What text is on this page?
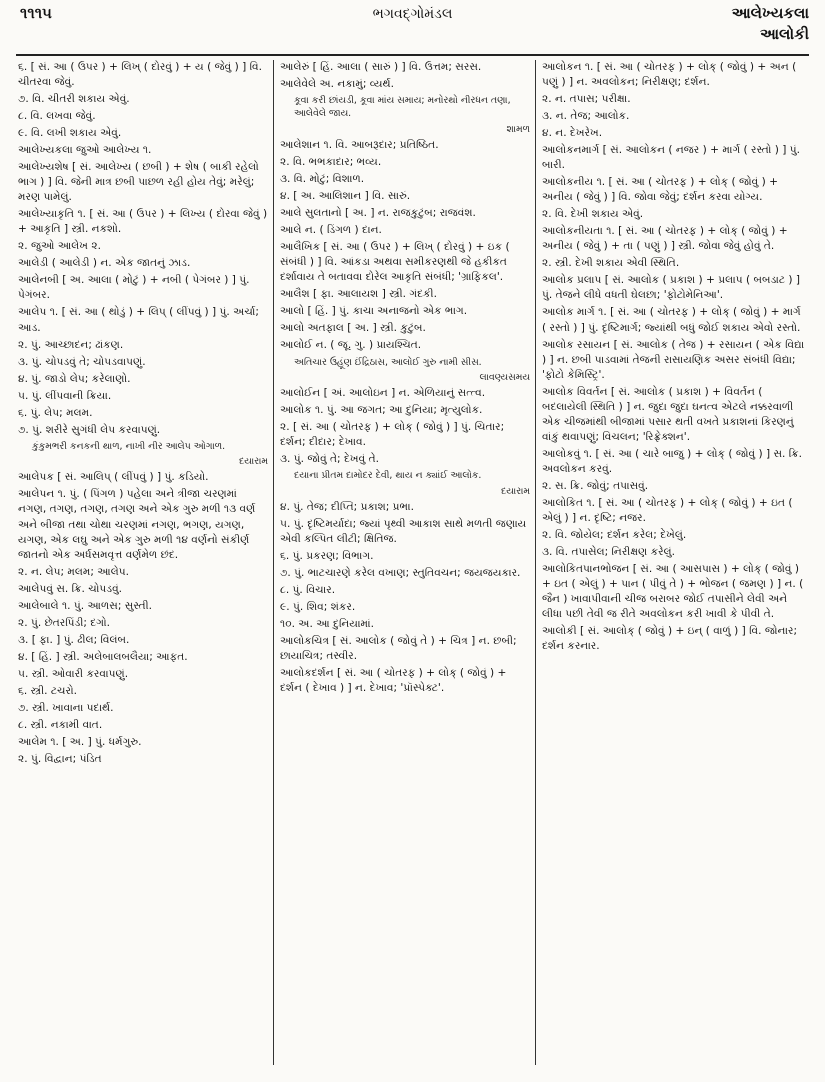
૧૧૧૫	ભગવદ્ગોમંડલ	આલેખ્યકલા
આલોકી
૬. [ સં. આ ( ઉપર ) + લિખ્ ( દોરવું ) + ય ( જેવું ) ] વિ. ચીતરવા જેવું.
૭. વિ. ચીતરી શકાય એવું.
૮. વિ. લખવા જેવું.
૯. વિ. લખી શકાય એવું.
આલેખ્યકલા જુઓ આલેખ્ય ૧.
આલેખ્યશેષ [ સં. આલેખ્ય ( છબી ) + શેષ ( બાકી રહેલો ભાગ ) ] વિ. જેની માત્ર છબી પાછળ રહી હોય તેવું; મરેલું; મરણ પામેલું.
આલેખ્યાકૃતિ ૧. [ સં. આ ( ઉપર ) + લિખ્ય ( દોરવા જેવું ) + આકૃતિ ] સ્ત્રી. નકશો.
૨. જુઓ આલેખ ૨.
આલેડી ( આલેડી ) ન. એક જાતનું ઝાડ.
આલેનબી [ અ. આલા ( મોટું ) + નબી ( પેગંબર ) ] પું. પેગંબર.
આલેપ ૧. [ સં. આ ( થોડું ) + લિપ્ ( લીંપવું ) ] પું. અર્ચા; આડ.
૨. પું. આચ્છાદન; ઢાંકણ.
૩. પું. ચોપડવું તે; ચોપડવાપણું.
૪. પું. જાડો લેપ; કરેલાણો.
૫. પું. લીંપવાની ક્રિયા.
૬. પું. લેપ; મલમ.
૭. પું. શરીરે સુગંધી લેપ કરવાપણું.
કુંકુમભરી કનકની થાળ, નાખી નીર આલેપ ઓગાળ.
દયારામ
આલેપક [ સં. આલિપ્ ( લીંપવું ) ] પું. કડિયો.
આલેપન ૧. પું. ( પિંગળ ) પહેલા અને ત્રીજા ચરણમાં નગણ, તગણ, તગણ, તગણ અને એક ગુરુ મળી ૧૩ વર્ણ અને બીજા તથા ચોથા ચરણમાં નગણ, ભગણ, યગણ, યગણ, એક લઘુ અને એક ગુરુ મળી ૧૪ વર્ણનો સંકીર્ણ જાતનો એક અર્ધસમવૃત્ત વર્ણમેળ છંદ.
૨. ન. લેપ; મલમ; આલેપ.
આલેપવું સ. ક્રિ. ચોપડવું.
આલેબાલે ૧. પું. આળસ; સુસ્તી.
૨. પું. છેતરપિંડી; દગો.
૩. [ ફા. ] પું. ઢીલ; વિલંબ.
૪. [ હિં. ] સ્ત્રી. અલેબાલબલૈયા; આફત.
૫. સ્ત્રી. ઓવારી કરવાપણું.
૬. સ્ત્રી. ટચરો.
૭. સ્ત્રી. ખાવાના પદાર્થ.
૮. સ્ત્રી. નકામી વાત.
આલેમ ૧. [ અ. ] પું. ધર્મગુરુ.
૨. પું. વિદ્વાન; પંડિત
આલેરું [ હિં. આલા ( સારું ) ] વિ. ઉત્તમ; સરસ.
આલેવેલે અ. નકામું; વ્યર્થ.
કૂવા કરી છાંયડી, કૂવા માંય સમાય; મનોરથો નીરધન તણા, આલેવેલે જાય.
શામળ
આલેશાન ૧. વિ. આબરૂદાર; પ્રતિષ્ઠિત.
૨. વિ. ભભકાદાર; ભવ્ય.
૩. વિ. મોટું; વિશાળ.
૪. [ અ. આલિશાન ] વિ. સારું.
આલે સુલતાનો [ અ. ] ન. રાજકુટુંબ; રાજવંશ.
આલે ન. ( ડિંગળ ) દાન.
આલૈખિક [ સં. આ ( ઉપર ) + લિખ્ ( દોરવું ) + ઇક ( સંબંધી ) ] વિ. આંકડા અથવા સમીકરણથી જે હકીકત દર્શાવાય તે બતાવવા દોરેલ આકૃતિ સંબંધી; 'ગ્રાફિકલ'.
આલૈશ [ ફા. આલાયશ ] સ્ત્રી. ગંદકી.
આલો [ હિં. ] પું. કાચા અનાજનો એક ભાગ.
આલો અતફાલ [ અ. ] સ્ત્રી. કુટુંબ.
આલોઈ ન. ( જૂ. ગુ. ) પ્રાયશ્ચિત.
અતિચાર ઉહૂંણ ઈંદ્રિઠાસ, આલોઈ ગુરુ નામી સીસ.
લાવણ્યસમય
આલોઈન [ અં. આલોઇન ] ન. એળિયાનું સત્ત્વ.
આલોક ૧. પું. આ જગત; આ દુનિયા; મૃત્યુલોક.
૨. [ સં. આ ( ચોતરફ ) + લોક્ ( જોવું ) ] પું. ચિતાર; દર્શન; દીદાર; દેખાવ.
૩. પું. જોવું તે; દેખવું તે.
દયાના પ્રીતમ દામોદર દેવી, થાય ન ક્યાંઈ આલોક.
દયારામ
૪. પું. તેજ; દીપ્તિ; પ્રકાશ; પ્રભા.
૫. પું. દૃષ્ટિમર્યાદા; જ્યાં પૃથ્વી આકાશ સાથે મળતી જણાય એવી કલ્પિત લીટી; ક્ષિતિજ.
૬. પું. પ્રકરણ; વિભાગ.
૭. પું. ભાટચારણે કરેલ વખાણ; સ્તુતિવચન; જયજયકાર.
૮. પું. વિચાર.
૯. પું. શિવ; શંકર.
૧૦. અ. આ દુનિયામાં.
આલોકચિત્ર [ સં. આલોક ( જોવું તે ) + ચિત્ર ] ન. છબી; છાયાચિત્ર; તસ્વીર.
આલોકદર્શન [ સં. આ ( ચોતરફ ) + લોક્ ( જોવું ) + દર્શન ( દેખાવ ) ] ન. દેખાવ; 'પ્રૉસ્પેક્ટ'.
આલોકન ૧. [ સં. આ ( ચોતરફ ) + લોક્ ( જોવું ) + અન ( પણું ) ] ન. અવલોકન; નિરીક્ષણ; દર્શન.
૨. ન. તપાસ; પરીક્ષા.
૩. ન. તેજ; આલોક.
૪. ન. દેખરેખ.
આલોકનમાર્ગ [ સં. આલોકન ( નજર ) + માર્ગ ( રસ્તો ) ] પું. બારી.
આલોકનીય ૧. [ સં. આ ( ચોતરફ ) + લોક્ ( જોવું ) + અનીય ( જેવું ) ] વિ. જોવા જેવું; દર્શન કરવા યોગ્ય.
૨. વિ. દેખી શકાય એવું.
આલોકનીયતા ૧. [ સં. આ ( ચોતરફ ) + લોક્ ( જોવું ) + અનીય ( જેવું ) + તા ( પણું ) ] સ્ત્રી. જોવા જેવું હોવું તે.
૨. સ્ત્રી. દેખી શકાય એવી સ્થિતિ.
આલોક પ્રલાપ [ સં. આલોક ( પ્રકાશ ) + પ્રલાપ ( બબડાટ ) ] પું. તેજને લીધે વધતી ઘેલછા; 'ફોટોમેનિઆ'.
આલોક માર્ગ ૧. [ સં. આ ( ચોતરફ ) + લોક્ ( જોવું ) + માર્ગ ( રસ્તો ) ] પું. દૃષ્ટિમાર્ગ; જ્યાંથી બધું જોઈ શકાય એવો રસ્તો.
આલોક રસાયન [ સં. આલોક ( તેજ ) + રસાયન ( એક વિદ્યા ) ] ન. છબી પાડવામાં તેજની રાસાયણિક અસર સંબંધી વિદ્યા; 'ફોટો કેમિસ્ટ્રિ'.
આલોક વિવર્તન [ સં. આલોક ( પ્રકાશ ) + વિવર્તન ( બદલાયેલી સ્થિતિ ) ] ન. જુદા જુદા ઘનત્વ એટલે નક્કરવાળી એક ચીજમાંથી બીજામાં પસાર થતી વખતે પ્રકાશનાં કિરણનું વાંકું થવાપણું; વિચલન; 'રિફ્રેક્શન'.
આલોકવું ૧. [ સં. આ ( ચારે બાજુ ) + લોક્ ( જોવું ) ] સ. ક્રિ. અવલોકન કરવું.
૨. સ. ક્રિ. જોવું; તપાસવું.
આલોકિત ૧. [ સં. આ ( ચોતરફ ) + લોક્ ( જોવું ) + ઇત ( એલું ) ] ન. દૃષ્ટિ; નજર.
૨. વિ. જોયેલ; દર્શન કરેલ; દેખેલું.
૩. વિ. તપાસેલ; નિરીક્ષણ કરેલું.
આલોકિતપાનભોજન [ સં. આ ( આસપાસ ) + લોક્ ( જોવું ) + ઇત ( એલું ) + પાન ( પીવું તે ) + ભોજન ( જમણ ) ] ન. ( જૈન ) ખાવાપીવાની ચીજ બરાબર જોઈ તપાસીને લેવી અને લીધા પછી તેવી જ રીતે અવલોકન કરી ખાવી કે પીવી તે.
આલોકી [ સં. આલોક્ ( જોવું ) + ઇન્ ( વાળું ) ] વિ. જોનાર; દર્શન કરનાર.
